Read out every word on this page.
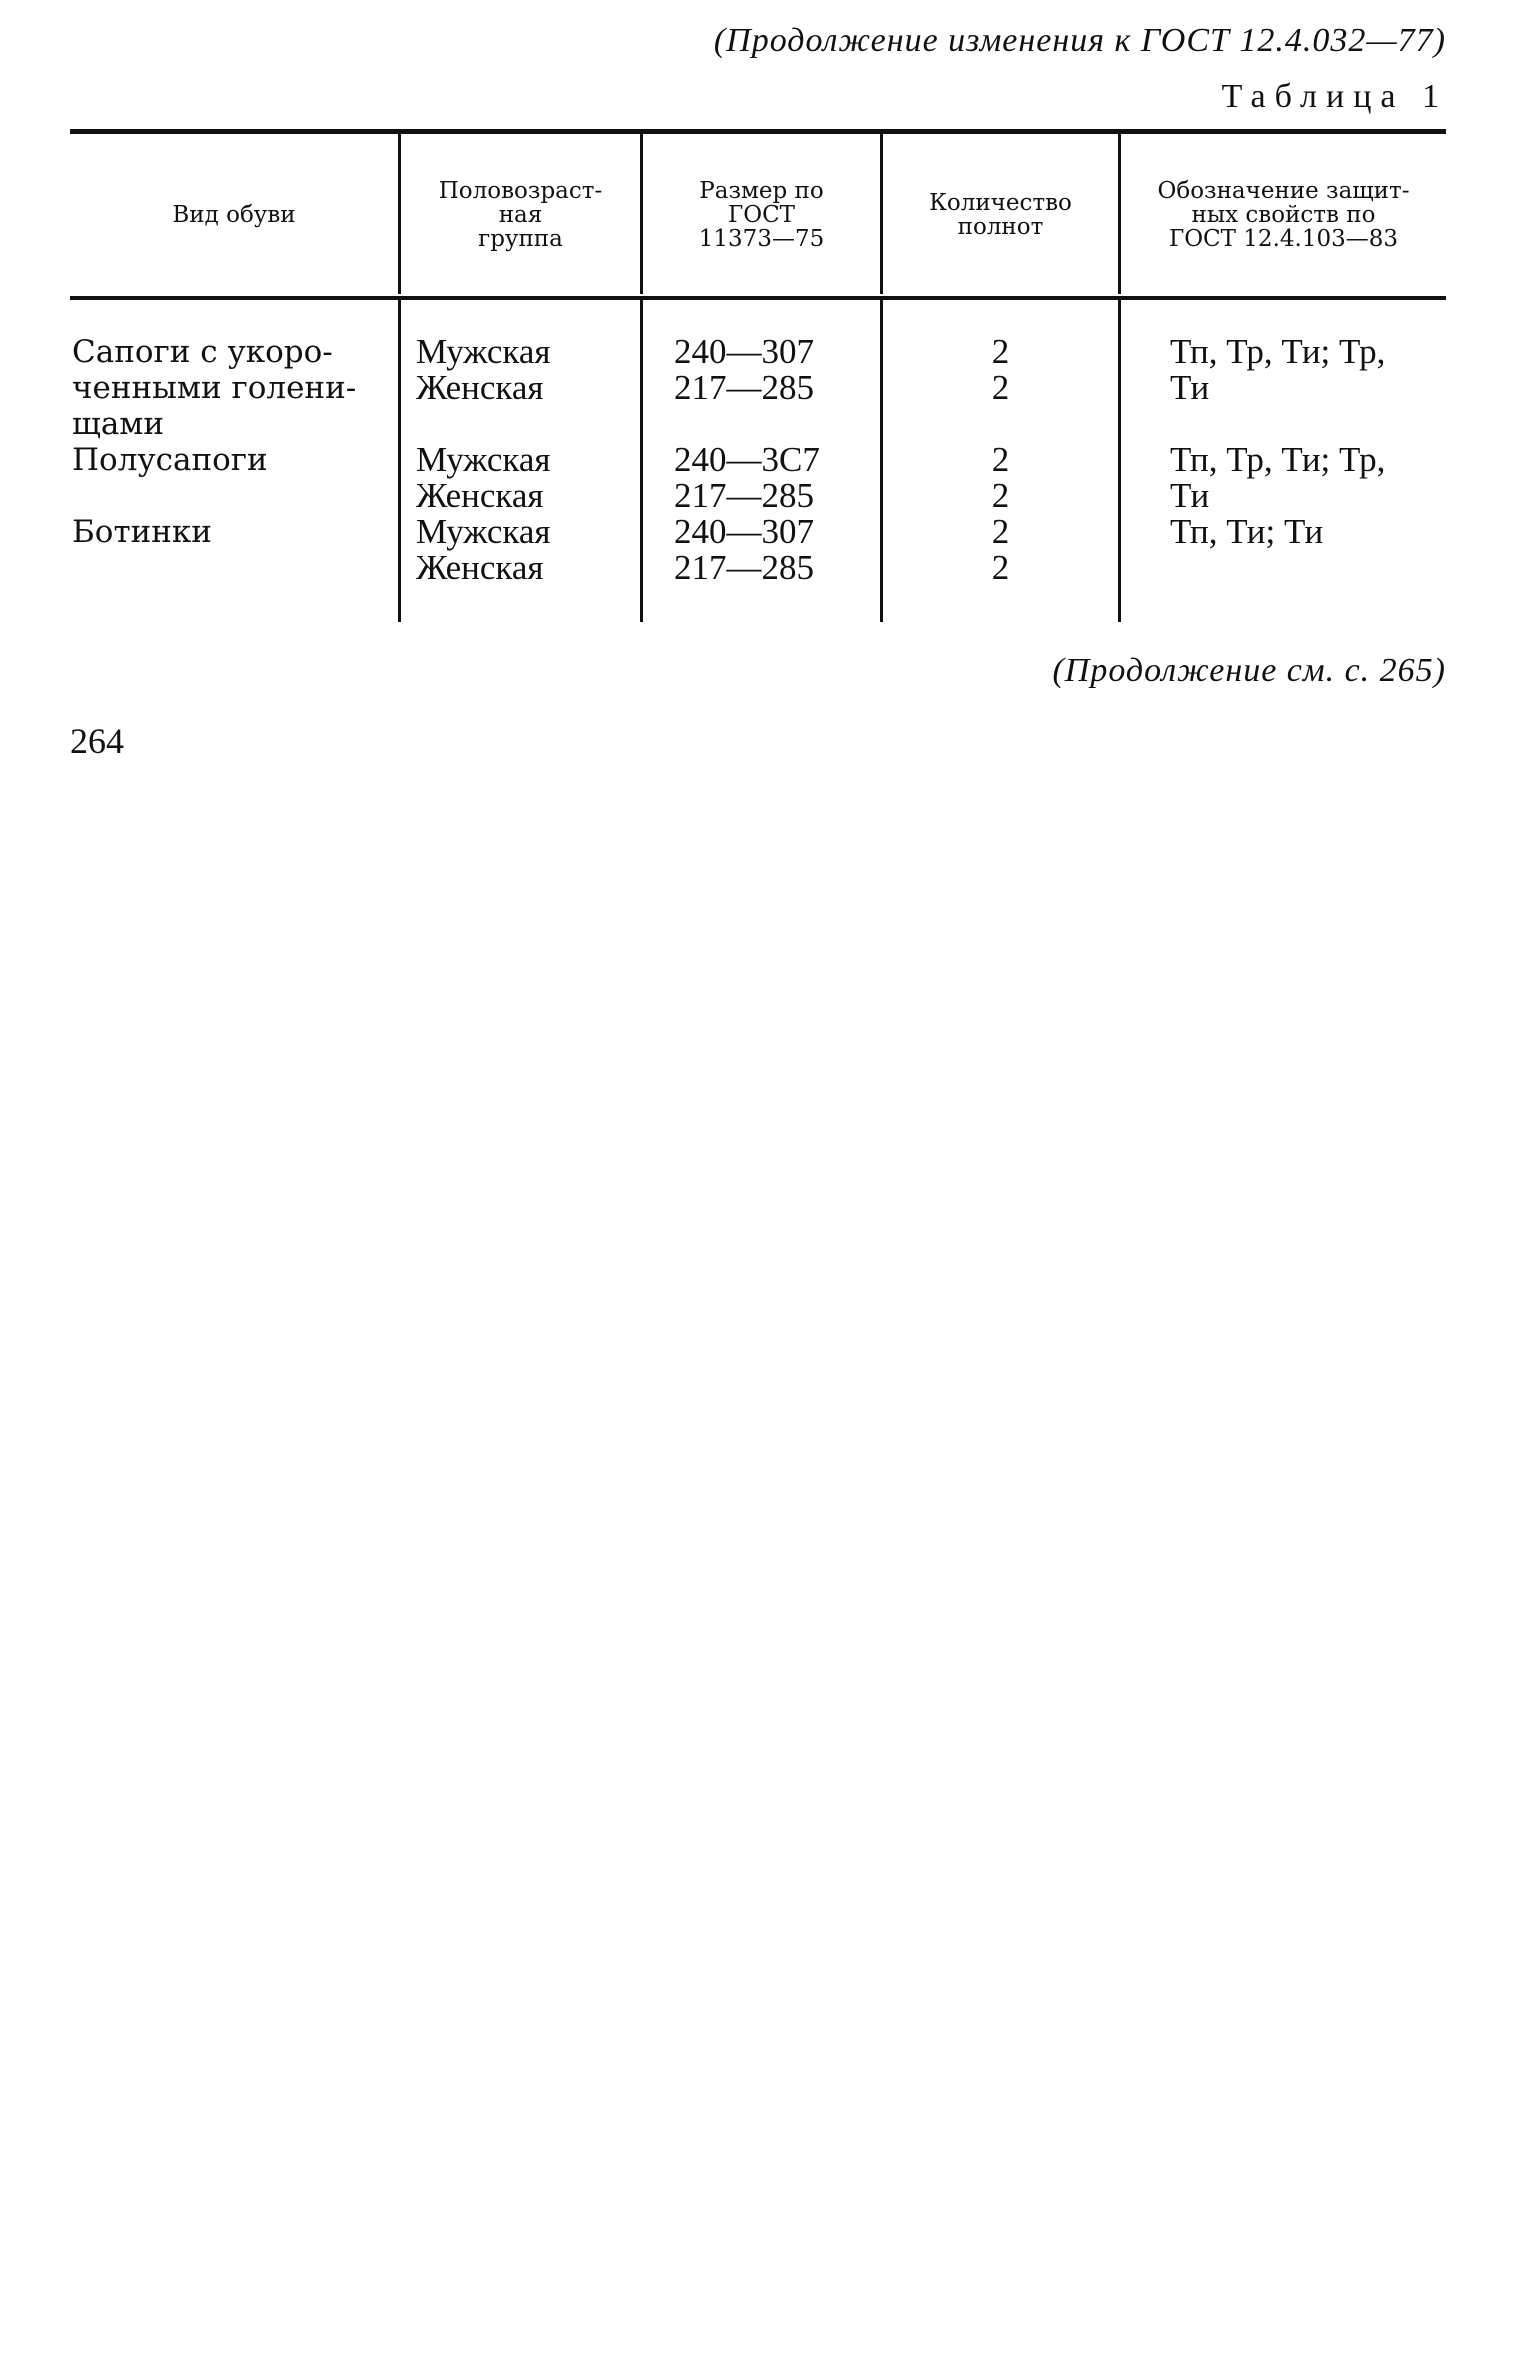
(Продолжение изменения к ГОСТ 12.4.032—77)
Таблица 1
Вид обуви
Половозраст-
ная
группа
Размер по
ГОСТ
11373—75
Количество
полнот
Обозначение защит-
ных свойств по
ГОСТ 12.4.103—83
Сапоги с укоро-
ченными голени-
щами
Полусапоги

Ботинки
Мужская
Женская

Мужская
Женская
Мужская
Женская
240—307
217—285

240—3С7
217—285
240—307
217—285
2
2

2
2
2
2
Тп, Тр, Ти; Тр,
Ти

Тп, Тр, Ти; Тр,
Ти
Тп, Ти; Ти
(Продолжение см. с. 265)
264
